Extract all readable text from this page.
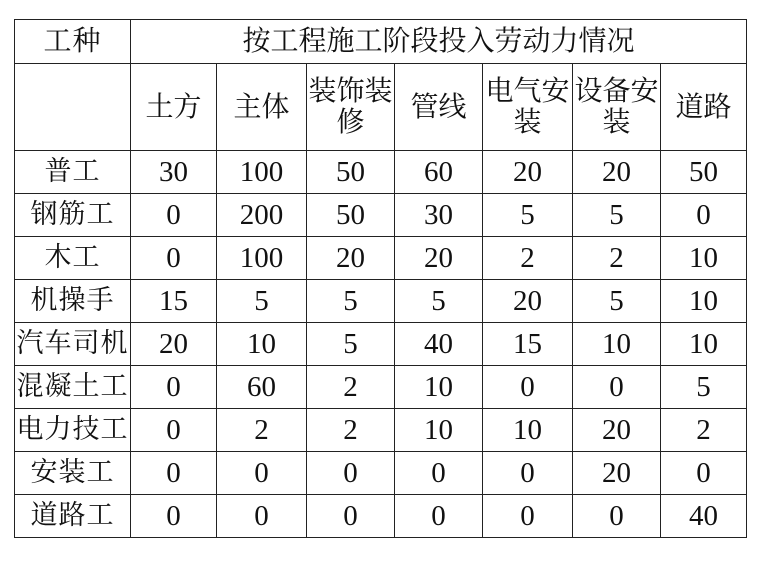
工种	按工程施工阶段投入劳动力情况						
	土方	主体	装饰装修	管线	电气安装	设备安装	道路
普工	30	100	50	60	20	20	50
钢筋工	0	200	50	30	5	5	0
木工	0	100	20	20	2	2	10
机操手	15	5	5	5	20	5	10
汽车司机	20	10	5	40	15	10	10
混凝土工	0	60	2	10	0	0	5
电力技工	0	2	2	10	10	20	2
安装工	0	0	0	0	0	20	0
道路工	0	0	0	0	0	0	40
